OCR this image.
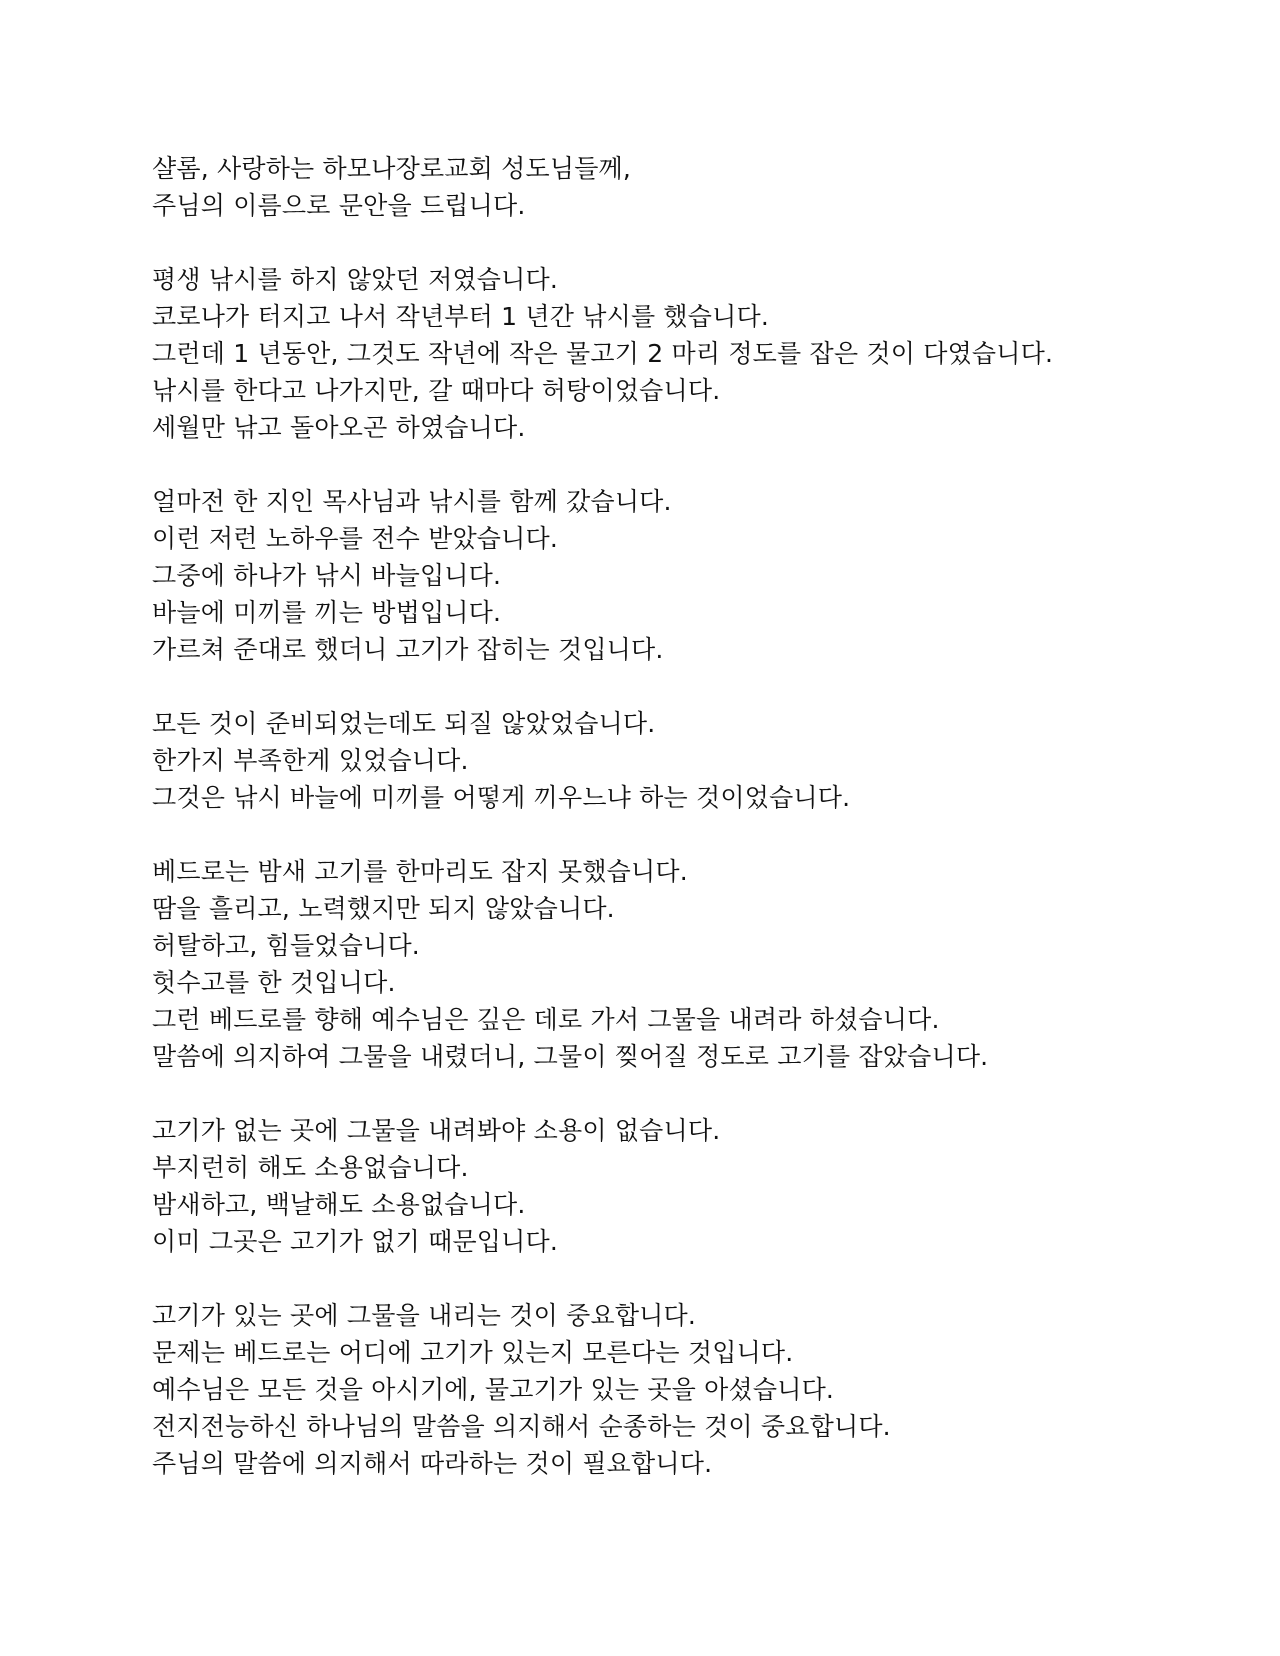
샬롬, 사랑하는 하모나장로교회 성도님들께,
주님의 이름으로 문안을 드립니다.
평생 낚시를 하지 않았던 저였습니다.
코로나가 터지고 나서 작년부터 1 년간 낚시를 했습니다.
그런데 1 년동안, 그것도 작년에 작은 물고기 2 마리 정도를 잡은 것이 다였습니다.
낚시를 한다고 나가지만, 갈 때마다 허탕이었습니다.
세월만 낚고 돌아오곤 하였습니다.
얼마전 한 지인 목사님과 낚시를 함께 갔습니다.
이런 저런 노하우를 전수 받았습니다.
그중에 하나가 낚시 바늘입니다.
바늘에 미끼를 끼는 방법입니다.
가르쳐 준대로 했더니 고기가 잡히는 것입니다.
모든 것이 준비되었는데도 되질 않았었습니다.
한가지 부족한게 있었습니다.
그것은 낚시 바늘에 미끼를 어떻게 끼우느냐 하는 것이었습니다.
베드로는 밤새 고기를 한마리도 잡지 못했습니다.
땀을 흘리고, 노력했지만 되지 않았습니다.
허탈하고, 힘들었습니다.
헛수고를 한 것입니다.
그런 베드로를 향해 예수님은 깊은 데로 가서 그물을 내려라 하셨습니다.
말씀에 의지하여 그물을 내렸더니, 그물이 찢어질 정도로 고기를 잡았습니다.
고기가 없는 곳에 그물을 내려봐야 소용이 없습니다.
부지런히 해도 소용없습니다.
밤새하고, 백날해도 소용없습니다.
이미 그곳은 고기가 없기 때문입니다.
고기가 있는 곳에 그물을 내리는 것이 중요합니다.
문제는 베드로는 어디에 고기가 있는지 모른다는 것입니다.
예수님은 모든 것을 아시기에, 물고기가 있는 곳을 아셨습니다.
전지전능하신 하나님의 말씀을 의지해서 순종하는 것이 중요합니다.
주님의 말씀에 의지해서 따라하는 것이 필요합니다.
